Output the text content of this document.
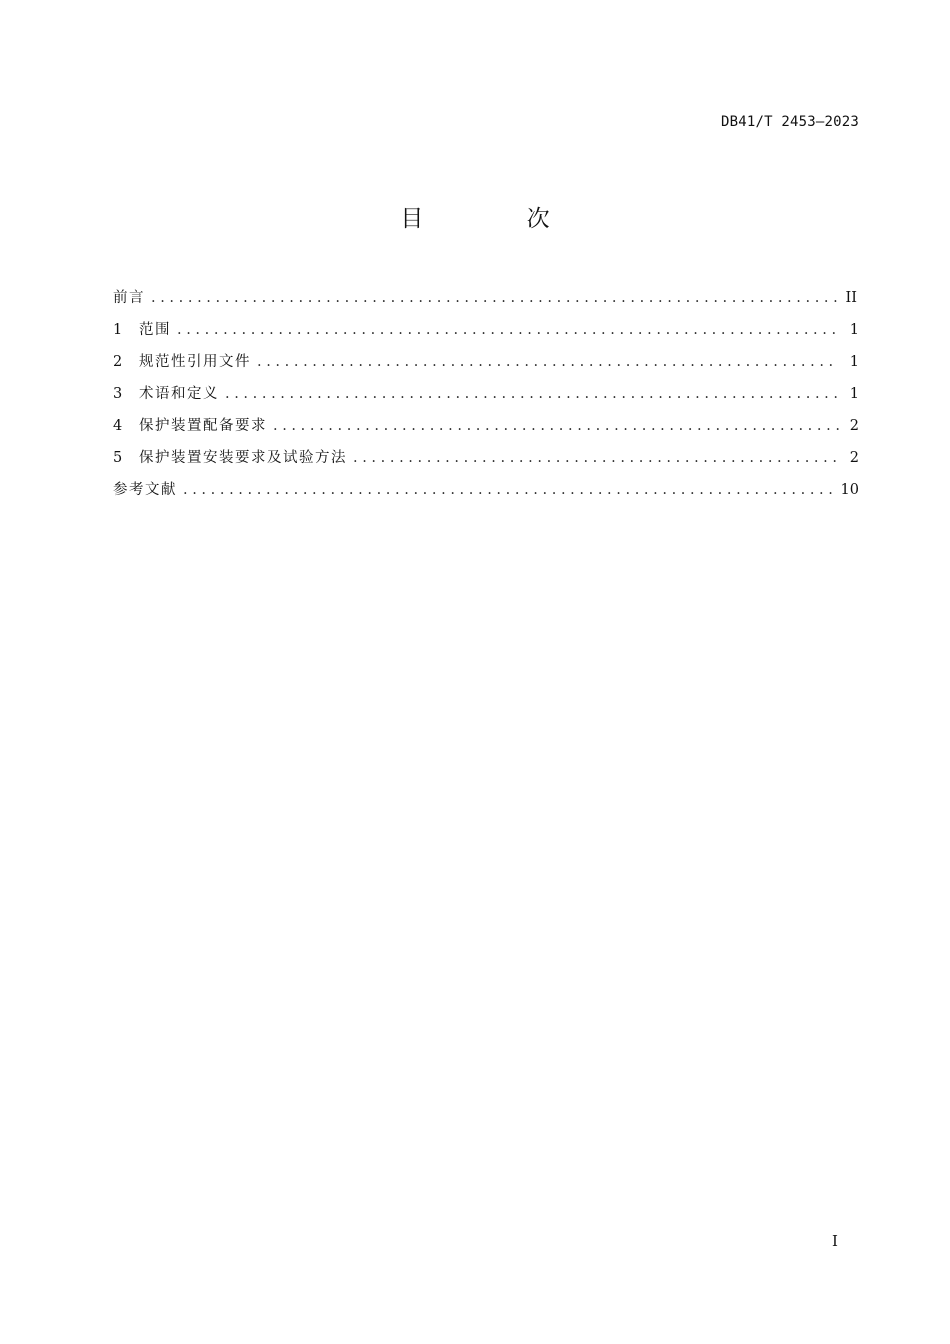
DB41/T 2453—2023
目 次
前言 . . .	II
1	范围 . . .	1
2	规范性引用文件 . . .	1
3	术语和定义 . . .	1
4	保护装置配备要求 . . .	2
5	保护装置安装要求及试验方法 . . .	2
参考文献 . . .	10
I
